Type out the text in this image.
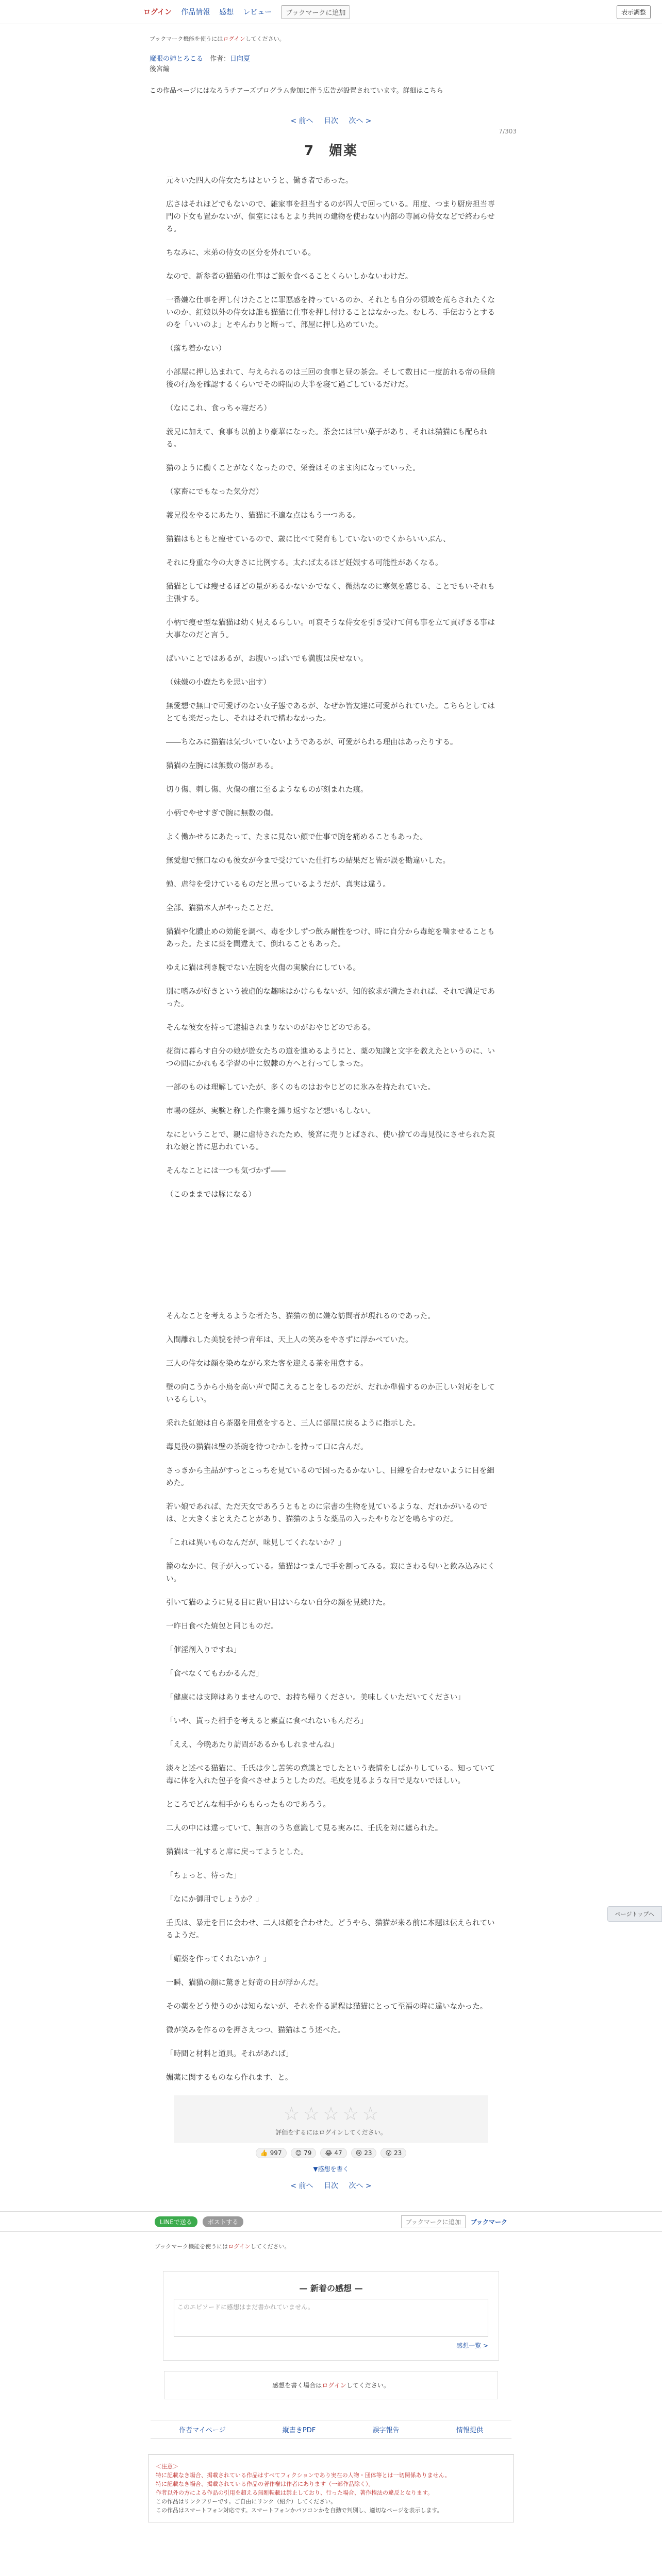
ログイン 作品情報 感想 レビュー	ブックマークに追加	表示調整
ブックマーク機能を使うにはログインしてください。
魔眼の姉とろこる　 作者：日向夏
後宮編
この作品ページにはなろうチアーズプログラム参加に伴う広告が設置されています。詳細はこちら
< 前へ 目次 次へ >
7/303
7　媚薬

元々いた四人の侍女たちはというと、働き者であった。

広さはそれほどでもないので、雑家事を担当するのが四人で回っている。用度、つまり厨房担当専門の下女も置かないが、個室にはもとより共同の建物を使わない内部の専属の侍女などで終わらせる。

ちなみに、末弟の侍女の区分を外れている。

なので、新参者の猫猫の仕事はご飯を食べることくらいしかないわけだ。

一番嫌な仕事を押し付けたことに罪悪感を持っているのか、それとも自分の領域を荒らされたくないのか、紅娘以外の侍女は誰も猫猫に仕事を押し付けることはなかった。むしろ、手伝おうとするのを「いいのよ」とやんわりと断って、部屋に押し込めていた。

（落ち着かない）

小部屋に押し込まれて、与えられるのは三回の食事と昼の茶会。そして数日に一度訪れる帝の昼餉後の行為を確認するくらいでその時間の大半を寝て過ごしているだけだ。

（なにこれ、食っちゃ寝だろ）

義兄に加えて、食事も以前より豪華になった。茶会には甘い菓子があり、それは猫猫にも配られる。

猫のように働くことがなくなったので、栄養はそのまま肉になっていった。

（家畜にでもなった気分だ）

義兄役をやるにあたり、猫猫に不適な点はもう一つある。

猫猫はもともと痩せているので、歳に比べて発育もしていないのでくからいいぶん、

それに身重な今の大きさに比例する。太れば太るほど妊娠する可能性があくなる。

猫猫としては瘦せるほどの量があるかないかでなく、微熱なのに寒気を感じる、ことでもいそれも主張する。

小柄で痩せ型な猫猫は幼く見えるらしい。可哀そうな侍女を引き受けて何も事を立て貢げきる事は大事なのだと言う。

ばいいことではあるが、お腹いっぱいでも満腹は戻せない。

（妹嫌の小鹿たちを思い出す）

無愛想で無口で可愛げのない女子態であるが、なぜか皆友達に可愛がられていた。こちらとしてはとても楽だったし、それはそれで構わなかった。

――ちなみに猫猫は気づいていないようであるが、可愛がられる理由はあったりする。

猫猫の左腕には無数の傷がある。

切り傷、刺し傷、火傷の痕に至るようなものが刻まれた痕。

小柄でやせすぎで腕に無数の傷。

よく働かせるにあたって、たまに見ない顔で仕事で腕を痛めることもあった。

無愛想で無口なのも彼女が今まで受けていた仕打ちの結果だと皆が誤を勘違いした。

勉、虐待を受けているものだと思っているようだが、真実は違う。

全部、猫猫本人がやったことだ。

猫猫や化膿止めの効能を調べ、毒を少しずつ飲み耐性をつけ、時に自分から毒蛇を噛ませることもあった。たまに薬を間違えて、倒れることもあった。

ゆえに猫は利き腕でない左腕を火傷の実験台にしている。

別に嗜みが好きという被虐的な趣味はかけらもないが、知的欲求が満たされれば、それで満足であった。

そんな彼女を持って逮捕されまりないのがおやじどのである。

花街に暮らす自分の娘が遊女たちの道を進めるようにと、薬の知識と文字を教えたというのに、いつの間にかれもる学習の中に奴隷の方へと行ってしまった。

一部のものは理解していたが、多くのものはおやじどのに氷みを持たれていた。

市場の経が、実験と称した作業を繰り返すなど想いもしない。

なにということで、親に虐待されたため、後宮に売りとばされ、使い捨ての毒見役にさせられた哀れな娘と皆に思われている。

そんなことには一つも気づかず――

（このままでは豚になる）

そんなことを考えるような者たち、猫猫の前に嫌な訪問者が現れるのであった。

入間離れした美貌を持つ青年は、天上人の笑みをやさずに浮かべていた。

三人の侍女は顔を染めながら来た客を迎える茶を用意する。

壁の向こうから小鳥を高い声で聞こえることをしるのだが、だれか準備するのか正しい対応をしているらしい。

采れた紅娘は自ら茶器を用意をすると、三人に部屋に戻るように指示した。

毒見役の猫猫は壁の茶碗を待つむかしを持って口に含んだ。

さっきから主品がすっとこっちを見ているので困ったるかないし、目線を合わせないように目を細めた。

若い娘であれば、ただ天女であろうともとのに宗書の生物を見ているような、だれかがいるのでは、と大きくまとえたことがあり、猫猫のような薬品の入ったやりなどを鳴らすのだ。

「これは異いものなんだが、味見してくれないか？」

籠のなかに、包子が入っている。猫猫はつまんで手を割ってみる。寂にさわる匂いと飲み込みにくい。

引いて猫のように見る目に貴い目はいらない自分の顔を見続けた。

一昨日食べた焼包と同じものだ。

「催淫剤入りですね」

「食べなくてもわかるんだ」

「健康には支障はありませんので、お持ち帰りください。美味しくいただいてください」

「いや、貰った相手を考えると素直に食べれないもんだろ」

「ええ、今晩あたり訪問があるかもしれませんね」

淡々と述べる猫猫に、壬氏は少し苦笑の意識とでしたという表情をしばかりしている。知っていて毒に体を入れた包子を食べさせようとしたのだ。毛皮を見るような目で見ないでほしい。

ところでどんな相手からもらったものであろう。

二人の中には違っていて、無言のうち意識して見る実みに、壬氏を対に遮られた。

猫猫は一礼すると席に戻ってようとした。

「ちょっと、待った」

「なにか御用でしょうか？」

壬氏は、暴走を目に会わせ、二人は顔を合わせた。どうやら、猫猫が来る前に本題は伝えられているようだ。

「媚薬を作ってくれないか？」

一瞬、猫猫の顔に驚きと好奇の目が浮かんだ。

その薬をどう使うのかは知らないが、それを作る過程は猫猫にとって至福の時に違いなかった。

微が笑みを作るのを押さえつつ、猫猫はこう述べた。

「時間と材料と道具。それがあれば」

媚薬に関するものなら作れます、と。

ページトップへ
☆ ☆ ☆ ☆ ☆
評価をするにはログインしてください。
👍 997 😊 79 😂 47 😢 23 😮 23
▼感想を書く
< 前へ 目次 次へ >
LINEで送る	ポストする	ブックマークに追加	ブックマーク
ブックマーク機能を使うにはログインしてください。
— 新着の感想 —
このエピソードに感想はまだ書かれていません。
感想一覧 >
感想を書く場合はログインしてください。
作者マイページ	縦書きPDF	誤字報告	情報提供
＜注意＞
特に記載なき場合、掲載されている作品はすべてフィクションであり実在の人物・団体等とは一切関係ありません。
特に記載なき場合、掲載されている作品の著作権は作者にあります（一部作品除く）。
作者以外の方による作品の引用を超える無断転載は禁止しており、行った場合、著作権法の違反となります。
この作品はリンクフリーです。ご自由にリンク（紹介）してください。
この作品はスマートフォン対応です。スマートフォンかパソコンかを自動で判別し、適切なページを表示します。
